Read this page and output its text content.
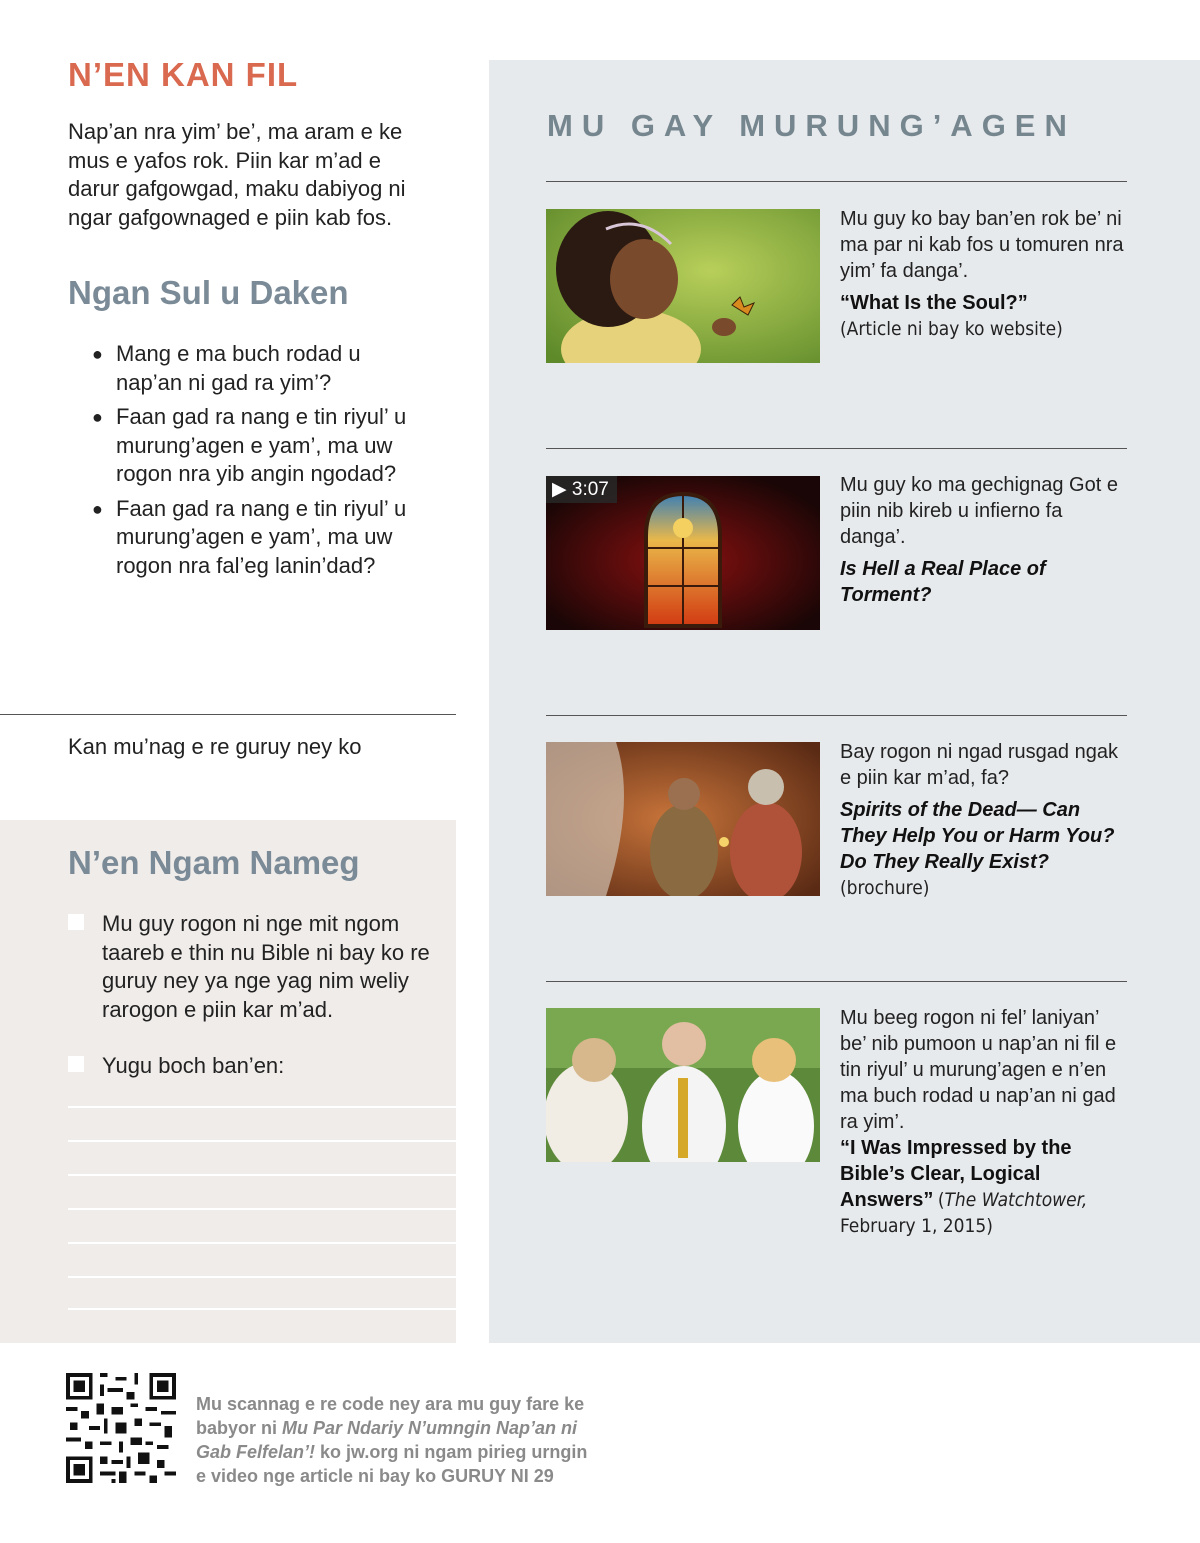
N’EN KAN FIL

Nap’an nra yim’ be’, ma aram e ke mus e yafos rok. Piin kar m’ad e darur gafgowgad, maku dabiyog ni ngar gafgownaged e piin kab fos.

Ngan Sul u Daken
● Mang e ma buch rodad u nap’an ni gad ra yim’?
● Faan gad ra nang e tin riyul’ u murung’agen e yam’, ma uw rogon nra yib angin ngodad?
● Faan gad ra nang e tin riyul’ u murung’agen e yam’, ma uw rogon nra fal’eg lanin’dad?
Kan mu’nag e re guruy ney ko
N’en Ngam Nameg
Mu guy rogon ni nge mit ngom taareb e thin nu Bible ni bay ko re guruy ney ya nge yag nim weliy rarogon e piin kar m’ad.
Yugu boch ban’en:
MU GAY MURUNG’AGEN

Mu guy ko bay ban’en rok be’ ni ma par ni kab fos u tomuren nra yim’ fa danga’.

“What Is the Soul?”

(Article ni bay ko website)

▶ 3:07	Mu guy ko ma gechignag Got e piin nib kireb u infierno fa danga’.

Is Hell a Real Place of Torment?

Bay rogon ni ngad rusgad ngak e piin kar m’ad, fa?

Spirits of the Dead— Can They Help You or Harm You? Do They Really Exist?

(brochure)

Mu beeg rogon ni fel’ laniyan’ be’ nib pumoon u nap’an ni fil e tin riyul’ u murung’agen e n’en ma buch rodad u nap’an ni gad ra yim’.

“I Was Impressed by the Bible’s Clear, Logical Answers” (The Watchtower,
February 1, 2015)

Mu scannag e re code ney ara mu guy fare ke babyor ni Mu Par Ndariy N’umngin Nap’an ni Gab Felfelan’! ko jw.org ni ngam pirieg urngin e video nge article ni bay ko GURUY NI 29
